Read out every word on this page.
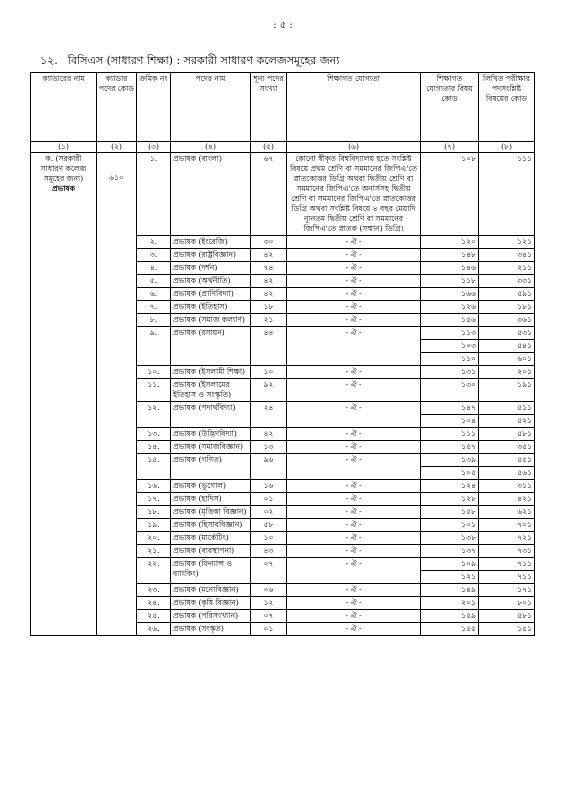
: ৫ :
১২. বিসিএস (সাধারণ শিক্ষা) : সরকারী সাধারণ কলেজসমূহের জন্য
ক্যাডারের নাম	ক্যাডার পদের কোড	ক্রমিক নং	পদের নাম	শূন্য পদের সংখ্যা	শিক্ষাগত যোগ্যতা	শিক্ষাগত যোগ্যতার বিষয় কোড	লিখিত পরীক্ষার পদসংশ্লিষ্ট বিষয়ের কোড
(১)	(২)	(৩)	(৪)	(৫)	(৬)	(৭)	(৮)
ক. (সরকারী সাধারণ কলেজ সমূহের জন্য) প্রভাষক	৬১০	১.	প্রভাষক (বাংলা)	৬৭	কোনো স্বীকৃত বিশ্ববিদ্যালয় হতে সংশ্লিষ্ট বিষয়ে প্রথম শ্রেণি বা সমমানের জিপিএ'তে স্নাতকোত্তর ডিগ্রি অথবা দ্বিতীয় শ্রেণি বা সমমানের জিপিএ'তে অনার্সসহ দ্বিতীয় শ্রেণি বা সমমানের জিপিএ'তে স্নাতকোত্তর ডিগ্রি অথবা সংশ্লিষ্ট বিষয়ে ৪ বছর মেয়াদি ন্যূনতম দ্বিতীয় শ্রেণি বা সমমানের জিপিএ'তে স্নাতক (সম্মান) ডিগ্রি।	১০৮	১১১
		২.	প্রভাষক (ইংরেজি)	৩০	- ঐ -	১২০	১২১
		৩.	প্রভাষক (রাষ্ট্রবিজ্ঞান)	৪২	- ঐ -	১৪৮	৩৪১
		৪.	প্রভাষক (দর্শন)	৭৪	- ঐ -	১৪৬	২১১
		৫.	প্রভাষক (অর্থনীতি)	৪২	- ঐ -	১১৮	৩৩১
		৬.	প্রভাষক (প্রাণিবিদ্যা)	৪২	- ঐ -	১৬৬	৫৯১
		৭.	প্রভাষক (ইতিহাস)	১৮	- ঐ -	১২৬	১৮১
		৮.	প্রভাষক (সমাজ কল্যাণ)	২১	- ঐ -	১৫৬	৩৬১
		৯.	প্রভাষক (রসায়ন)	৪৪	- ঐ -	১১৩	৫৩১
						১০৩	৫৪১
						১১০	৬০১
		১০.	প্রভাষক (ইসলামী শিক্ষা)	১০	- ঐ -	১৩১	২০১
		১১.	প্রভাষক (ইসলামের ইতিহাস ও সংস্কৃতি)	৯২	- ঐ -	১৩০	১৯১
		১২.	প্রভাষক (পদার্থবিদ্যা)	২৪	- ঐ -	১৪৭	৫১১
						১০৪	৫২১
		১৩.	প্রভাষক (উদ্ভিদবিদ্যা)	৪২	- ঐ -	১১১	৫৮১
		১৪.	প্রভাষক (সমাজবিজ্ঞান)	১৩	- ঐ -	১৫৭	৩৫১
		১৫.	প্রভাষক (গণিত)	৯৬	- ঐ -	১৩৯	৫৫১
						১০৫	৫৬১
		১৬.	প্রভাষক (ভূগোল)	১৬	- ঐ -	১২৪	৩১১
		১৭.	প্রভাষক (হাদিস)	০১	- ঐ -	১২৮	৪২১
		১৮.	প্রভাষক (মৃত্তিকা বিজ্ঞান)	০২	- ঐ -	১৫৮	৬২১
		১৯.	প্রভাষক (হিসাববিজ্ঞান)	৫৮	- ঐ -	১০১	৭০১
		২০.	প্রভাষক (মার্কেটিং)	১০	- ঐ -	১৩৮	৭২১
		২১.	প্রভাষক (ব্যবস্থাপনা)	৪৩	- ঐ -	১৩৭	৭৩১
		২২.	প্রভাষক (ফিন্যান্স ও ব্যাংকিং)	০৭	- ঐ -	১০৯	৭১১
						১২১	৭১১
		২৩.	প্রভাষক (মনোবিজ্ঞান)	০৬	- ঐ -	১৪৯	১৭১
		২৪.	প্রভাষক (কৃষি বিজ্ঞান)	১২	- ঐ -	২০১	৮০১
		২৫.	প্রভাষক (পরিসংখ্যান)	০৭	- ঐ -	১৫৯	৫৮১
		২৬.	প্রভাষক (সংস্কৃত)	০১	- ঐ -	১৫৫	১৫১
